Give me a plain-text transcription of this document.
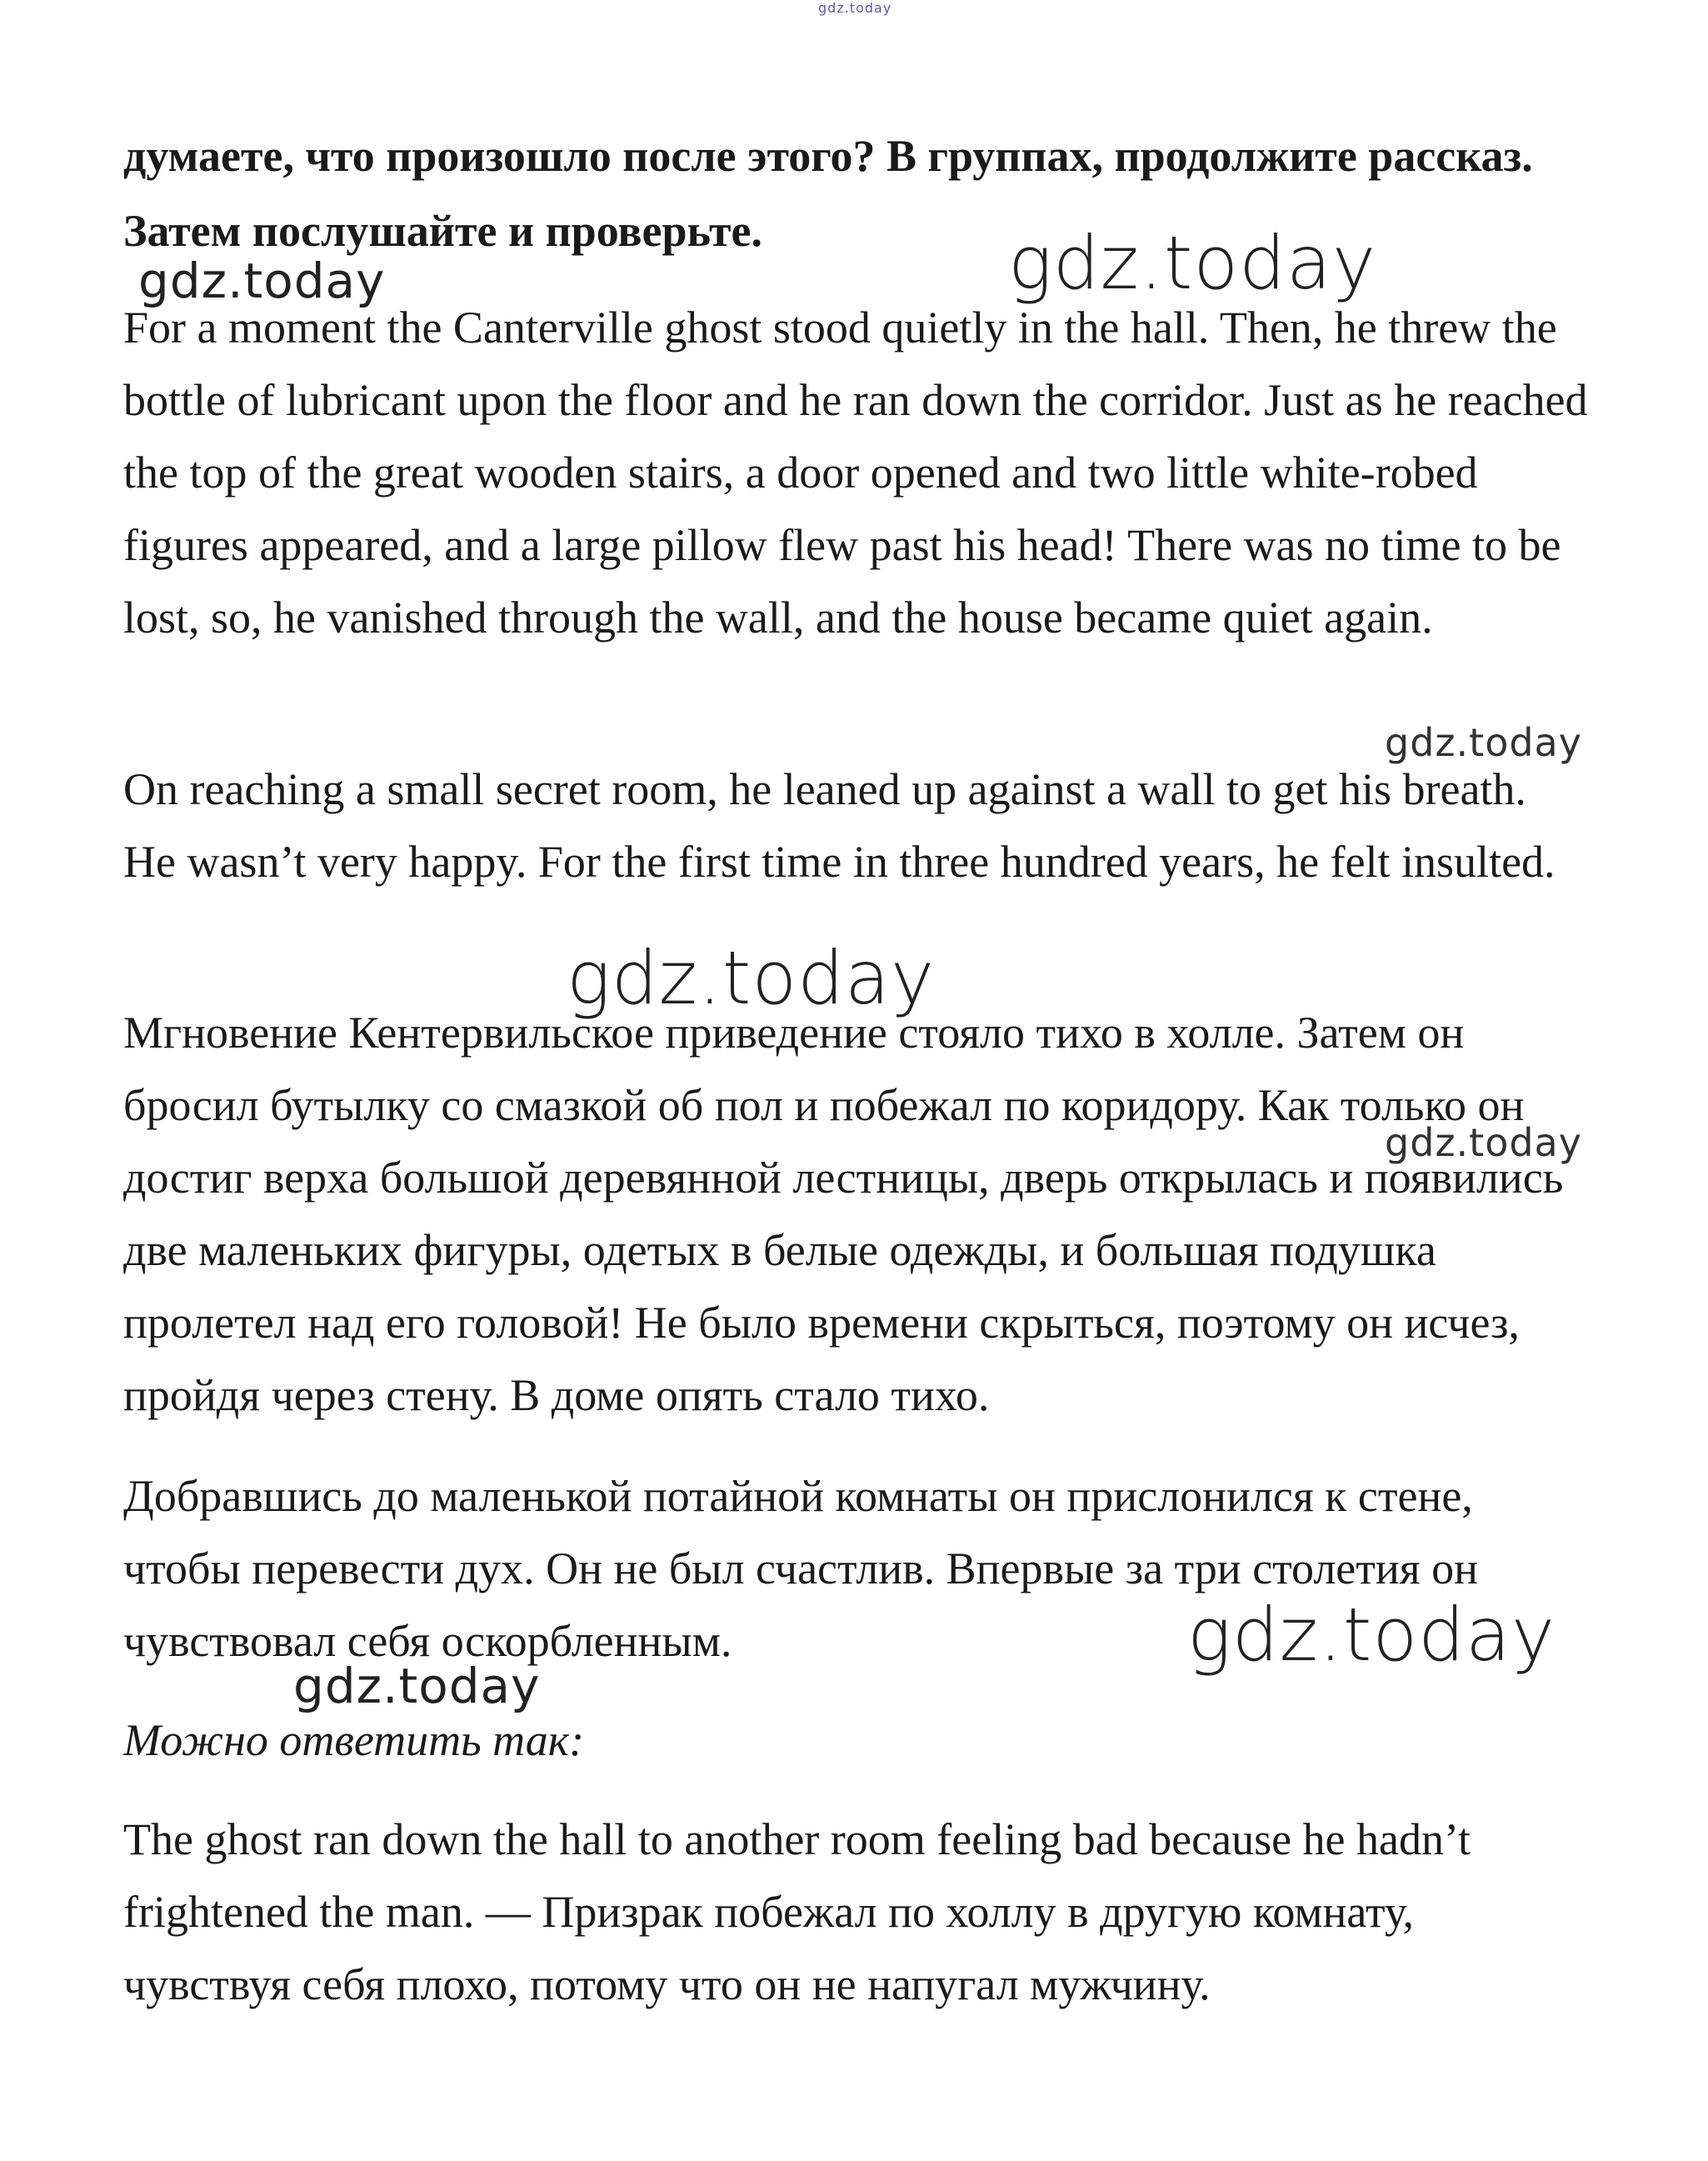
gdz.today

думаете, что произошло после этого? В группах, продолжите рассказ. Затем послушайте и проверьте.	gdz.today
gdz.today

For a moment the Canterville ghost stood quietly in the hall. Then, he threw the bottle of lubricant upon the floor and he ran down the corridor. Just as he reached the top of the great wooden stairs, a door opened and two little white-robed figures appeared, and a large pillow flew past his head! There was no time to be lost, so, he vanished through the wall, and the house became quiet again.

gdz.today

On reaching a small secret room, he leaned up against a wall to get his breath. He wasn’t very happy. For the first time in three hundred years, he felt insulted.

gdz.today

Мгновение Кентервильское приведение стояло тихо в холле. Затем он бросил бутылку со смазкой об пол и побежал по коридору. Как только он достиг верха большой деревянной лестницы, дверь открылась и появились две маленьких фигуры, одетых в белые одежды, и большая подушка пролетел над его головой! Не было времени скрыться, поэтому он исчез, пройдя через стену. В доме опять стало тихо.

gdz.today

Добравшись до маленькой потайной комнаты он прислонился к стене, чтобы перевести дух. Он не был счастлив. Впервые за три столетия он чувствовал себя оскорбленным.	gdz.today
gdz.today

Можно ответить так:

The ghost ran down the hall to another room feeling bad because he hadn’t frightened the man. — Призрак побежал по холлу в другую комнату, чувствуя себя плохо, потому что он не напугал мужчину.
